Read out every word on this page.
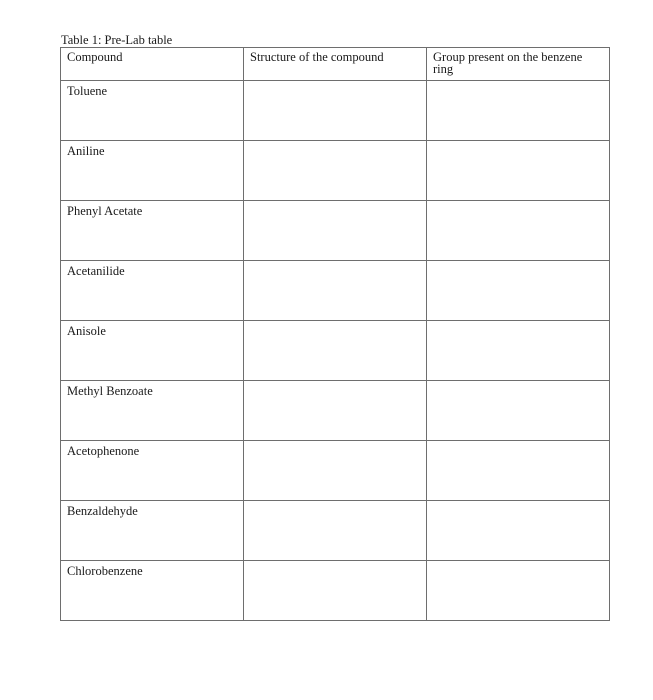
Table 1: Pre-Lab table
Compound	Structure of the compound	Group present on the benzene ring
Toluene		
Aniline		
Phenyl Acetate		
Acetanilide		
Anisole		
Methyl Benzoate		
Acetophenone		
Benzaldehyde		
Chlorobenzene		
